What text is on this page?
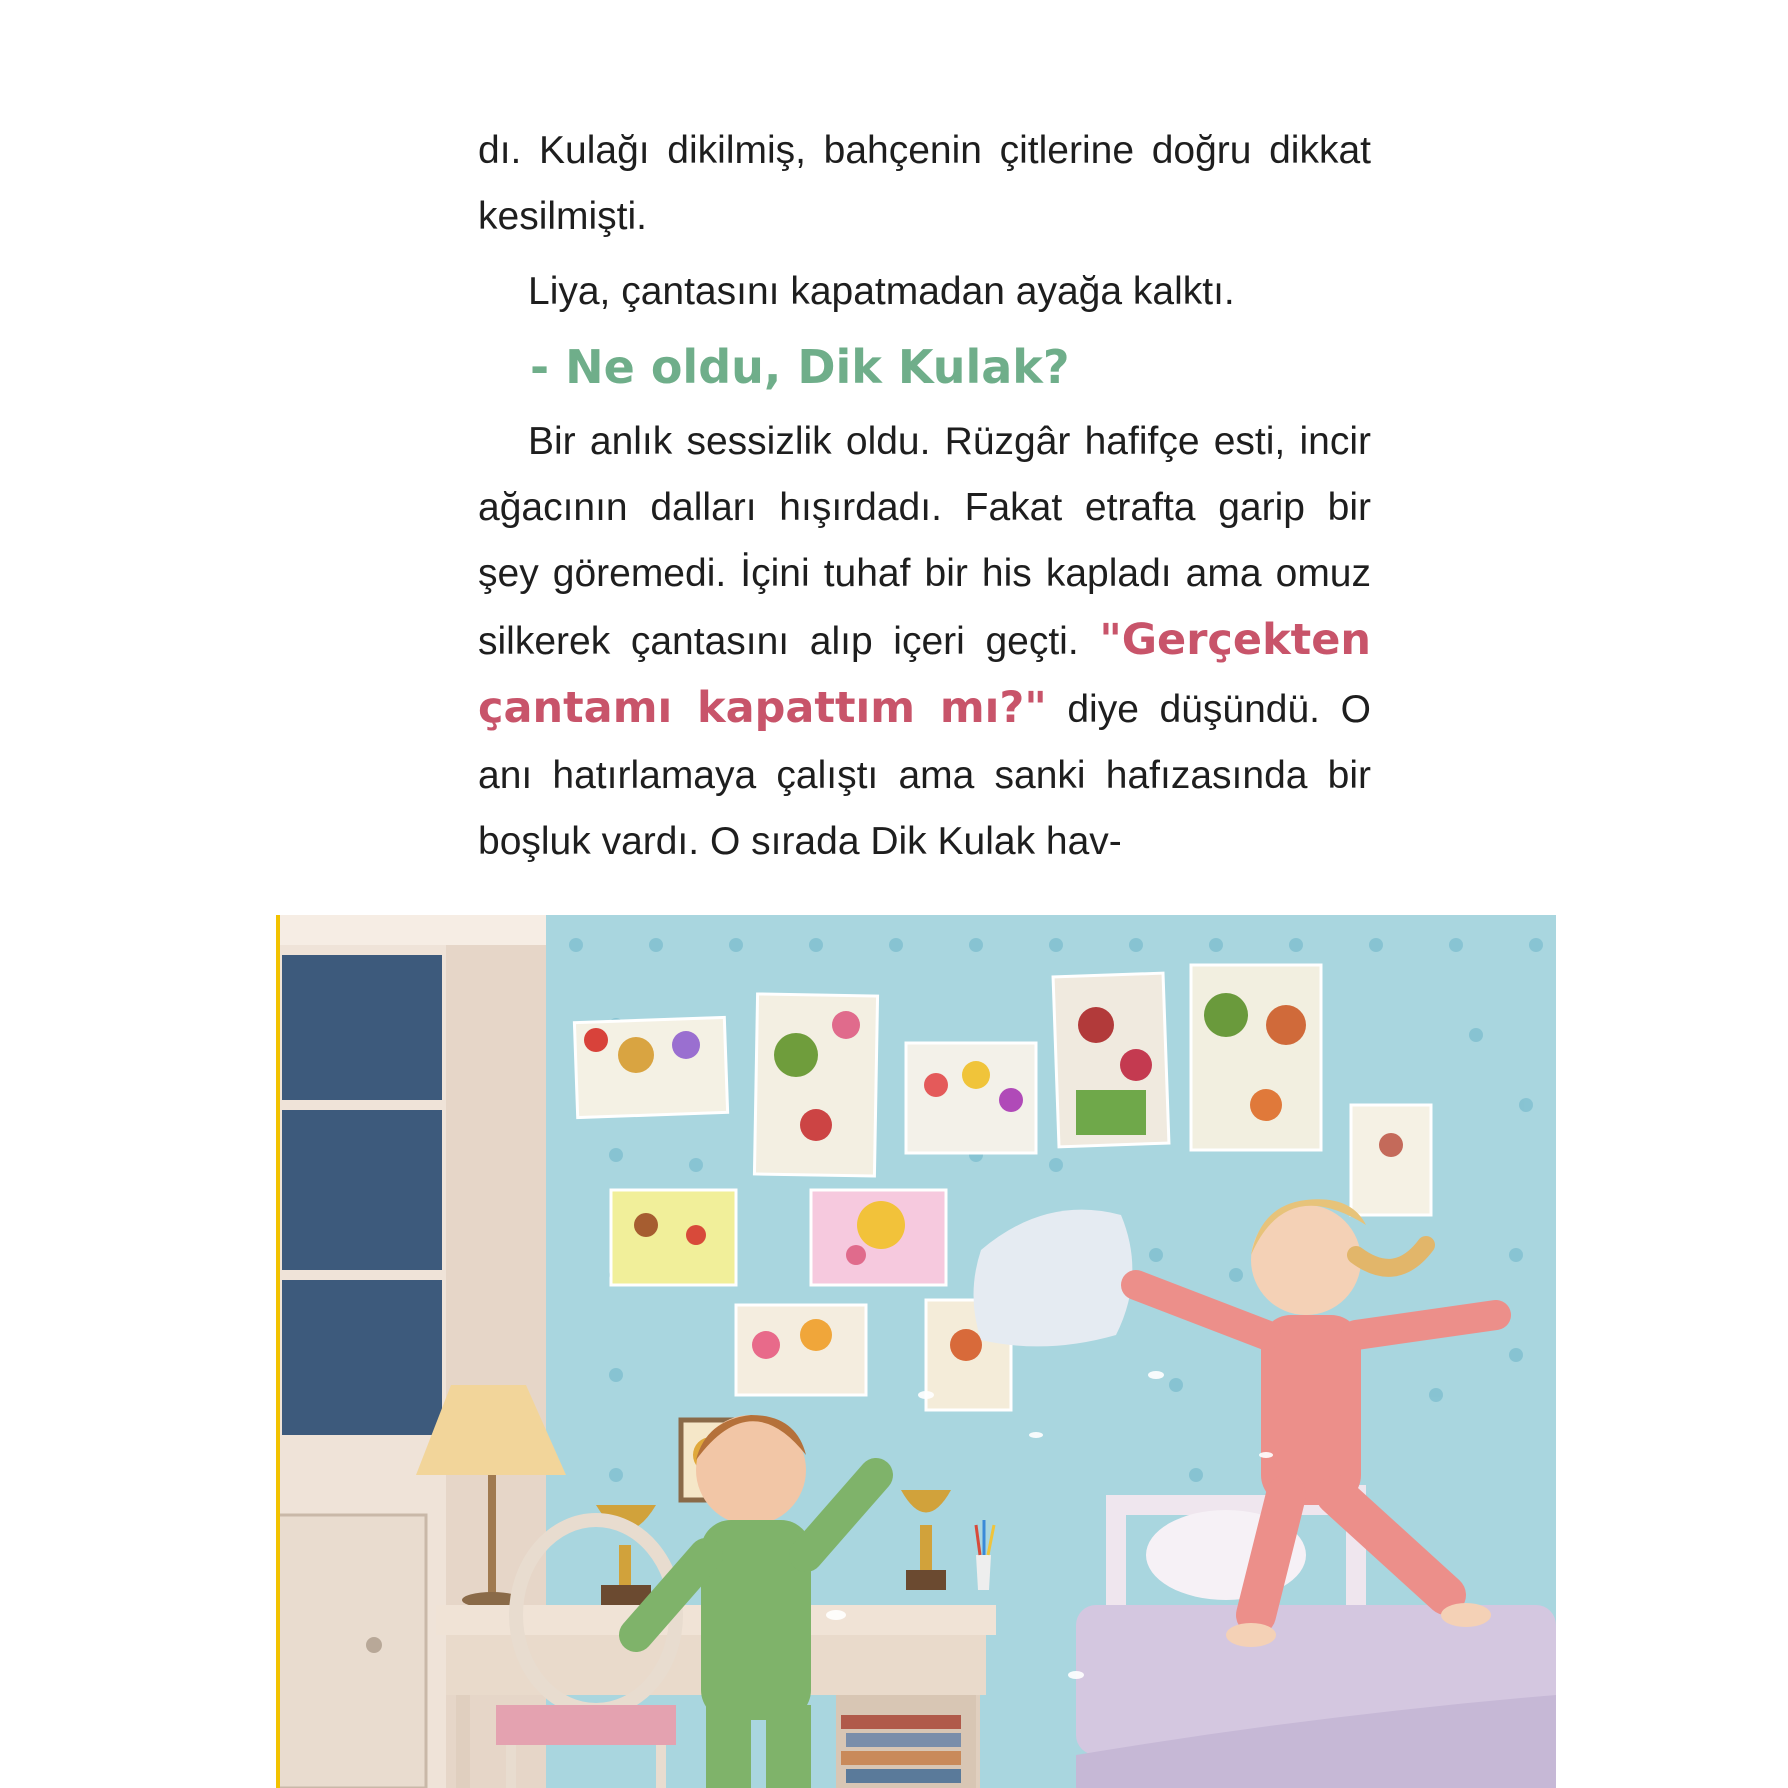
dı. Kulağı dikilmiş, bahçenin çitlerine doğru dikkat kesilmişti.

Liya, çantasını kapatmadan ayağa kalktı.

- Ne oldu, Dik Kulak?

Bir anlık sessizlik oldu. Rüzgâr hafifçe esti, incir ağacının dalları hışırdadı. Fakat etrafta garip bir şey göremedi. İçini tuhaf bir his kapladı ama omuz silkerek çantasını alıp içeri geçti. "Gerçekten çantamı kapattım mı?" diye düşündü. O anı hatırlamaya çalıştı ama sanki hafızasında bir boşluk vardı. O sırada Dik Kulak hav-
